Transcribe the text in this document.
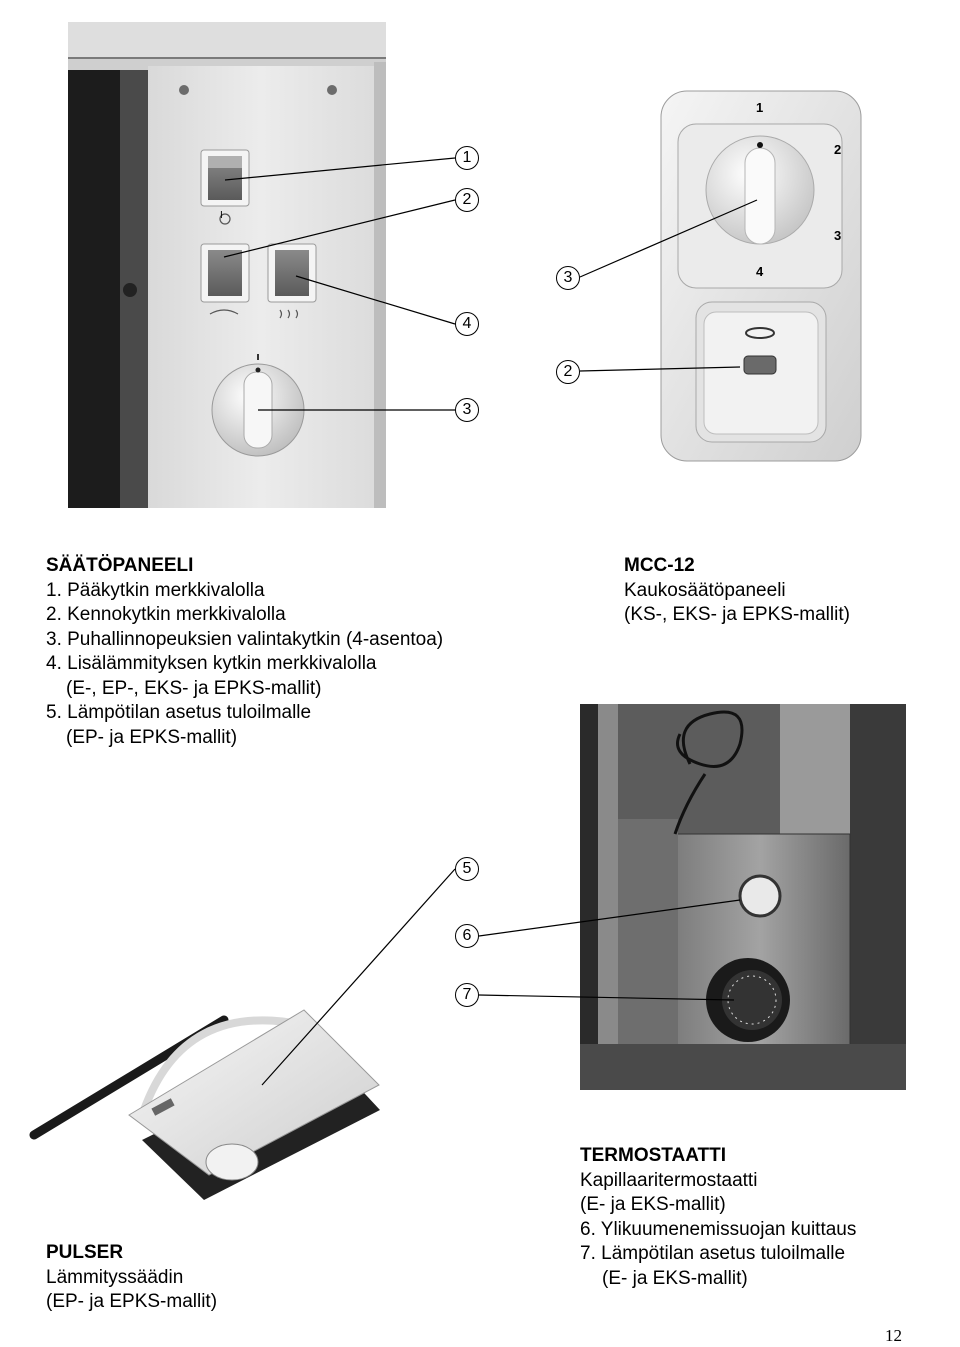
I
1
2
4
3
1
2
3
4
3
2
SÄÄTÖPANEELI
1. Pääkytkin merkkivalolla
2. Kennokytkin merkkivalolla
3. Puhallinnopeuksien valintakytkin (4-asentoa)
4. Lisälämmityksen kytkin merkkivalolla
(E-, EP-, EKS- ja EPKS-mallit)
5. Lämpötilan asetus tuloilmalle
(EP- ja EPKS-mallit)
MCC-12
Kaukosäätöpaneeli
(KS-, EKS- ja EPKS-mallit)
5
6
7
TERMOSTAATTI
Kapillaaritermostaatti
(E- ja EKS-mallit)
6. Ylikuumenemissuojan kuittaus
7. Lämpötilan asetus tuloilmalle
(E- ja EKS-mallit)
PULSER
Lämmityssäädin
(EP- ja EPKS-mallit)
12
